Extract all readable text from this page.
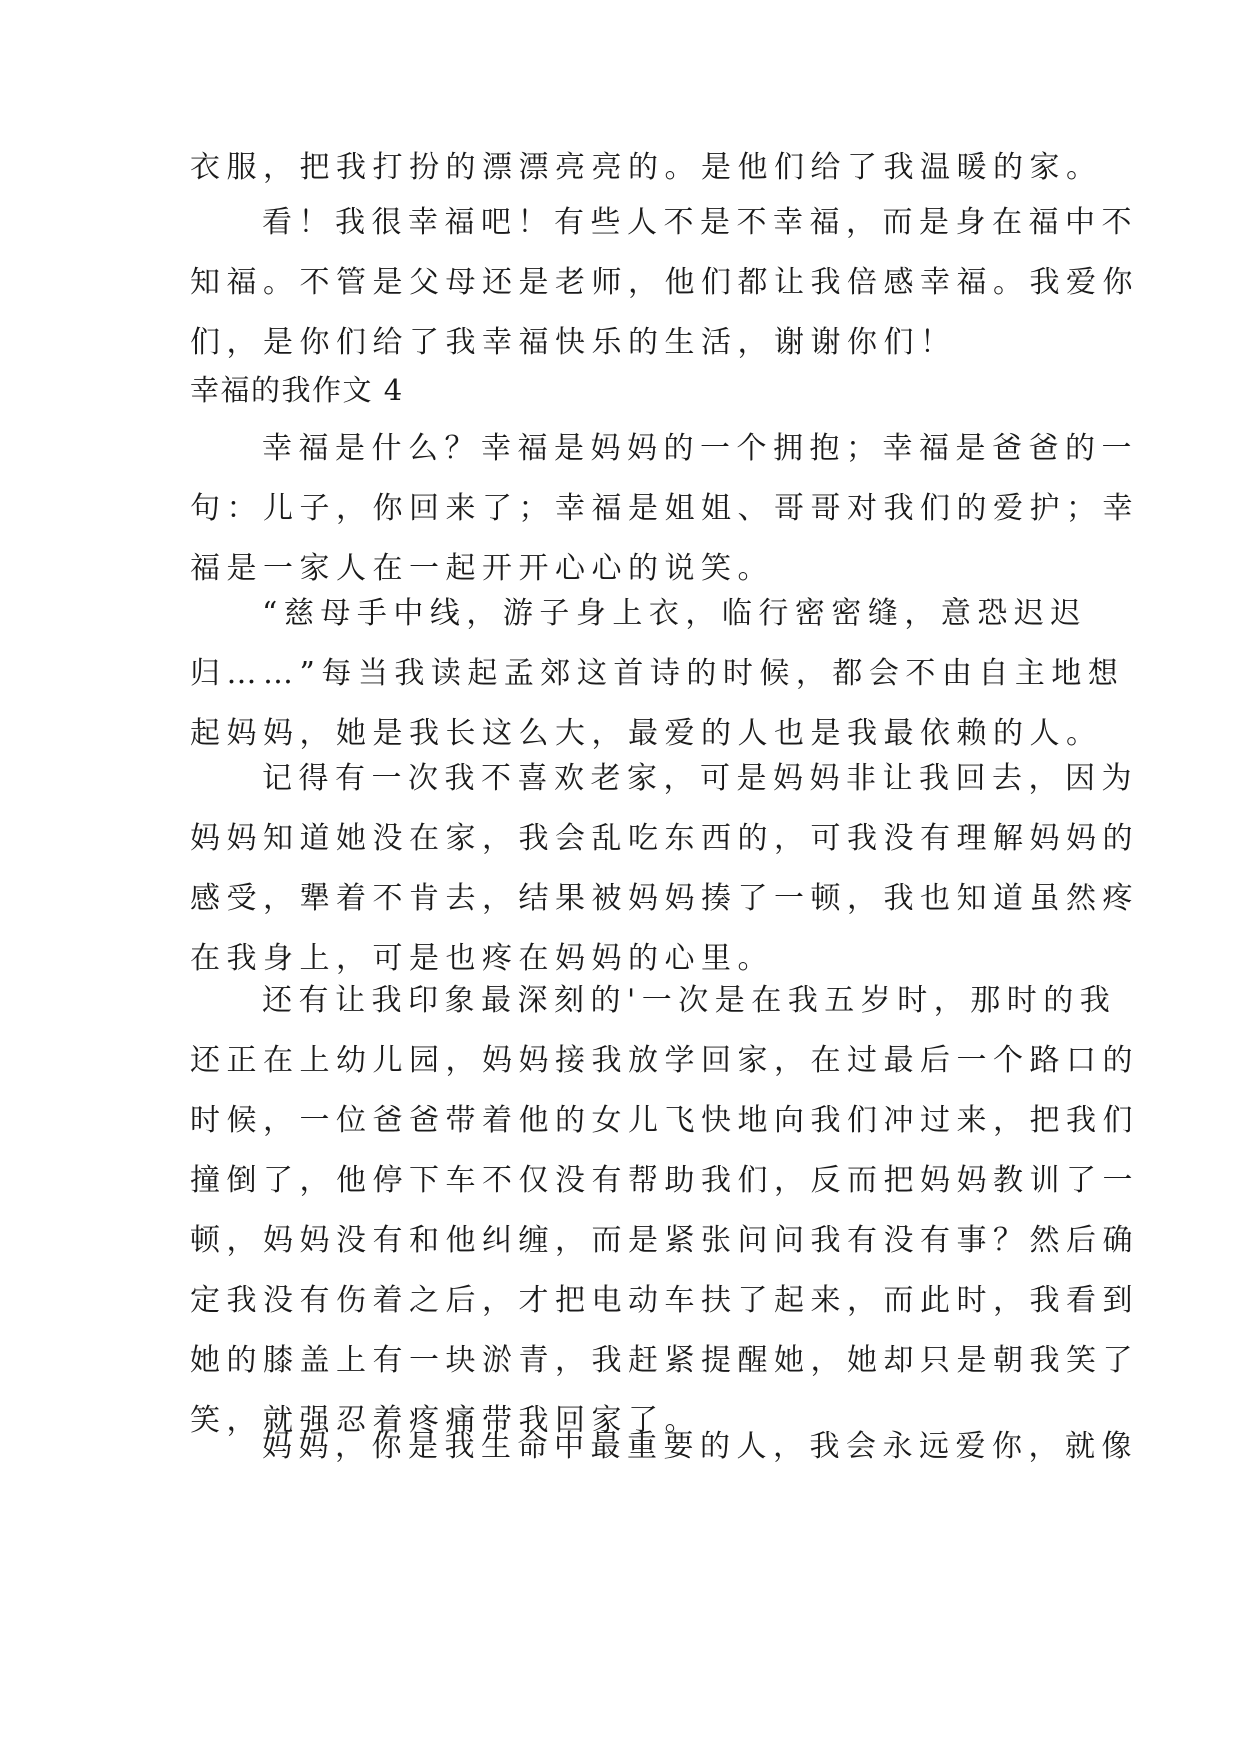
衣服，把我打扮的漂漂亮亮的。是他们给了我温暖的家。
看！我很幸福吧！有些人不是不幸福，而是身在福中不
知福。不管是父母还是老师，他们都让我倍感幸福。我爱你
们，是你们给了我幸福快乐的生活，谢谢你们！
幸福的我作文 4
幸福是什么？幸福是妈妈的一个拥抱；幸福是爸爸的一
句：儿子，你回来了；幸福是姐姐、哥哥对我们的爱护；幸
福是一家人在一起开开心心的说笑。
“慈母手中线，游子身上衣，临行密密缝，意恐迟迟
归……”每当我读起孟郊这首诗的时候，都会不由自主地想
起妈妈，她是我长这么大，最爱的人也是我最依赖的人。
记得有一次我不喜欢老家，可是妈妈非让我回去，因为
妈妈知道她没在家，我会乱吃东西的，可我没有理解妈妈的
感受，犟着不肯去，结果被妈妈揍了一顿，我也知道虽然疼
在我身上，可是也疼在妈妈的心里。
还有让我印象最深刻的'一次是在我五岁时，那时的我
还正在上幼儿园，妈妈接我放学回家，在过最后一个路口的
时候，一位爸爸带着他的女儿飞快地向我们冲过来，把我们
撞倒了，他停下车不仅没有帮助我们，反而把妈妈教训了一
顿，妈妈没有和他纠缠，而是紧张问问我有没有事？然后确
定我没有伤着之后，才把电动车扶了起来，而此时，我看到
她的膝盖上有一块淤青，我赶紧提醒她，她却只是朝我笑了
笑，就强忍着疼痛带我回家了。
妈妈，你是我生命中最重要的人，我会永远爱你，就像
